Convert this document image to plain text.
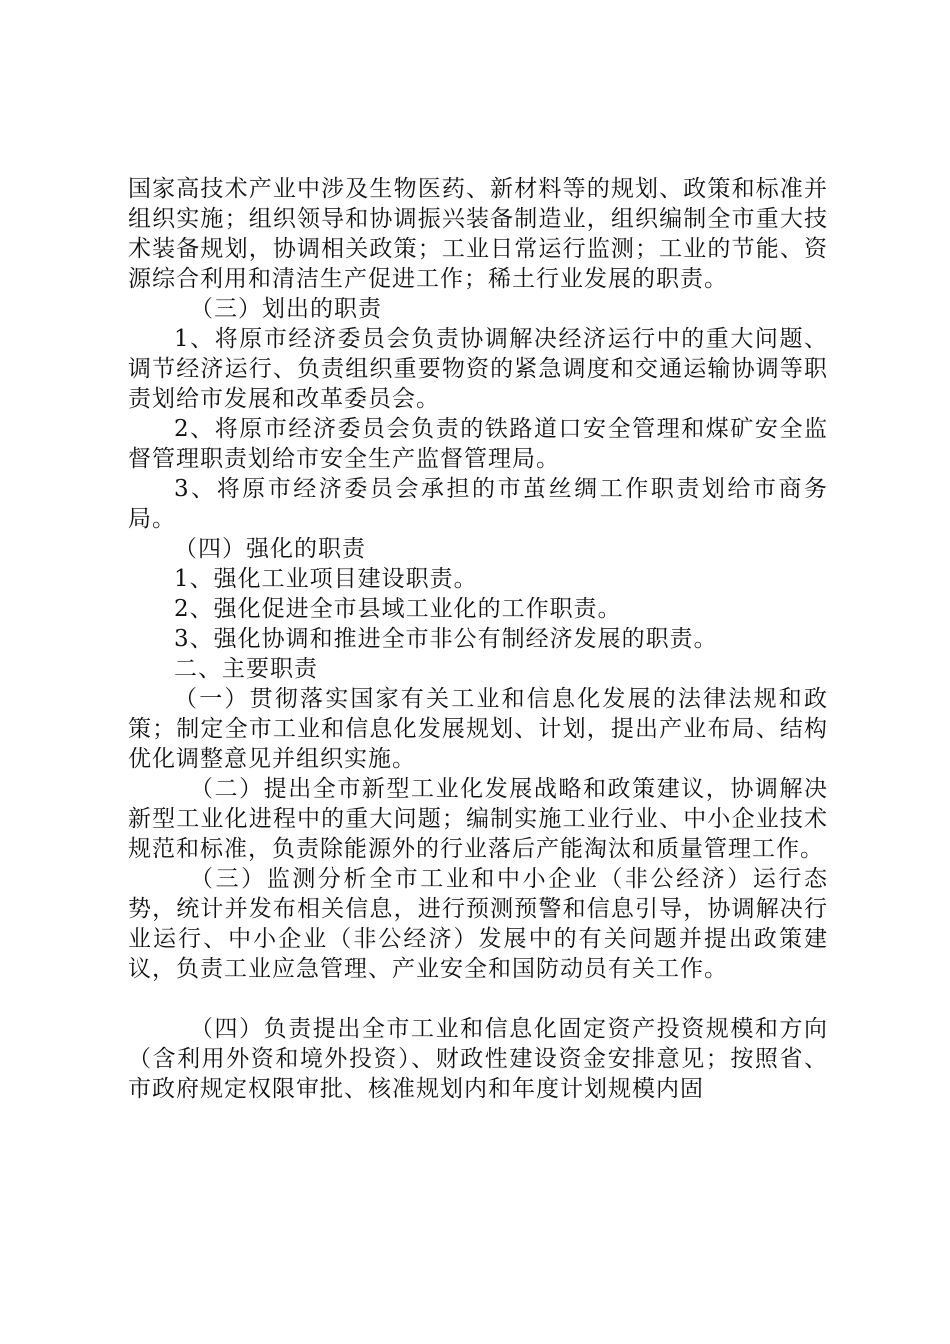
国家高技术产业中涉及生物医药、新材料等的规划、政策和标准并组织实施；组织领导和协调振兴装备制造业，组织编制全市重大技术装备规划，协调相关政策；工业日常运行监测；工业的节能、资源综合利用和清洁生产促进工作；稀土行业发展的职责。

（三）划出的职责

1、将原市经济委员会负责协调解决经济运行中的重大问题、调节经济运行、负责组织重要物资的紧急调度和交通运输协调等职责划给市发展和改革委员会。

2、将原市经济委员会负责的铁路道口安全管理和煤矿安全监督管理职责划给市安全生产监督管理局。

3、将原市经济委员会承担的市茧丝绸工作职责划给市商务局。

（四）强化的职责

1、强化工业项目建设职责。

2、强化促进全市县域工业化的工作职责。

3、强化协调和推进全市非公有制经济发展的职责。

二、主要职责

（一）贯彻落实国家有关工业和信息化发展的法律法规和政策；制定全市工业和信息化发展规划、计划，提出产业布局、结构优化调整意见并组织实施。

（二）提出全市新型工业化发展战略和政策建议，协调解决新型工业化进程中的重大问题；编制实施工业行业、中小企业技术规范和标准，负责除能源外的行业落后产能淘汰和质量管理工作。

（三）监测分析全市工业和中小企业（非公经济）运行态势，统计并发布相关信息，进行预测预警和信息引导，协调解决行业运行、中小企业（非公经济）发展中的有关问题并提出政策建议，负责工业应急管理、产业安全和国防动员有关工作。

（四）负责提出全市工业和信息化固定资产投资规模和方向（含利用外资和境外投资）、财政性建设资金安排意见；按照省、市政府规定权限审批、核准规划内和年度计划规模内固
